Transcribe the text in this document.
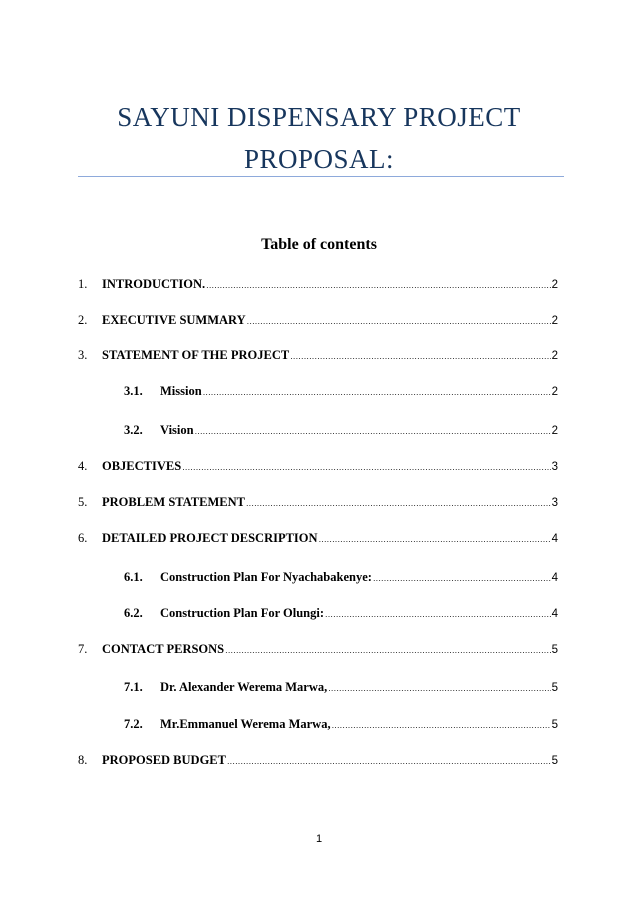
SAYUNI DISPENSARY PROJECT
PROPOSAL:
Table of contents
1.	INTRODUCTION. .....	2
2.	EXECUTIVE SUMMARY .....	2
3.	STATEMENT OF THE PROJECT .....	2
3.1.	Mission .....	2
3.2.	Vision .....	2
4.	OBJECTIVES .....	3
5.	PROBLEM STATEMENT .....	3
6.	DETAILED PROJECT DESCRIPTION .....	4
6.1.	Construction Plan For Nyachabakenye: .....	4
6.2.	Construction Plan For Olungi: .....	4
7.	CONTACT PERSONS .....	5
7.1.	Dr. Alexander Werema Marwa, .....	5
7.2.	Mr.Emmanuel Werema Marwa, .....	5
8.	PROPOSED BUDGET .....	5
1
